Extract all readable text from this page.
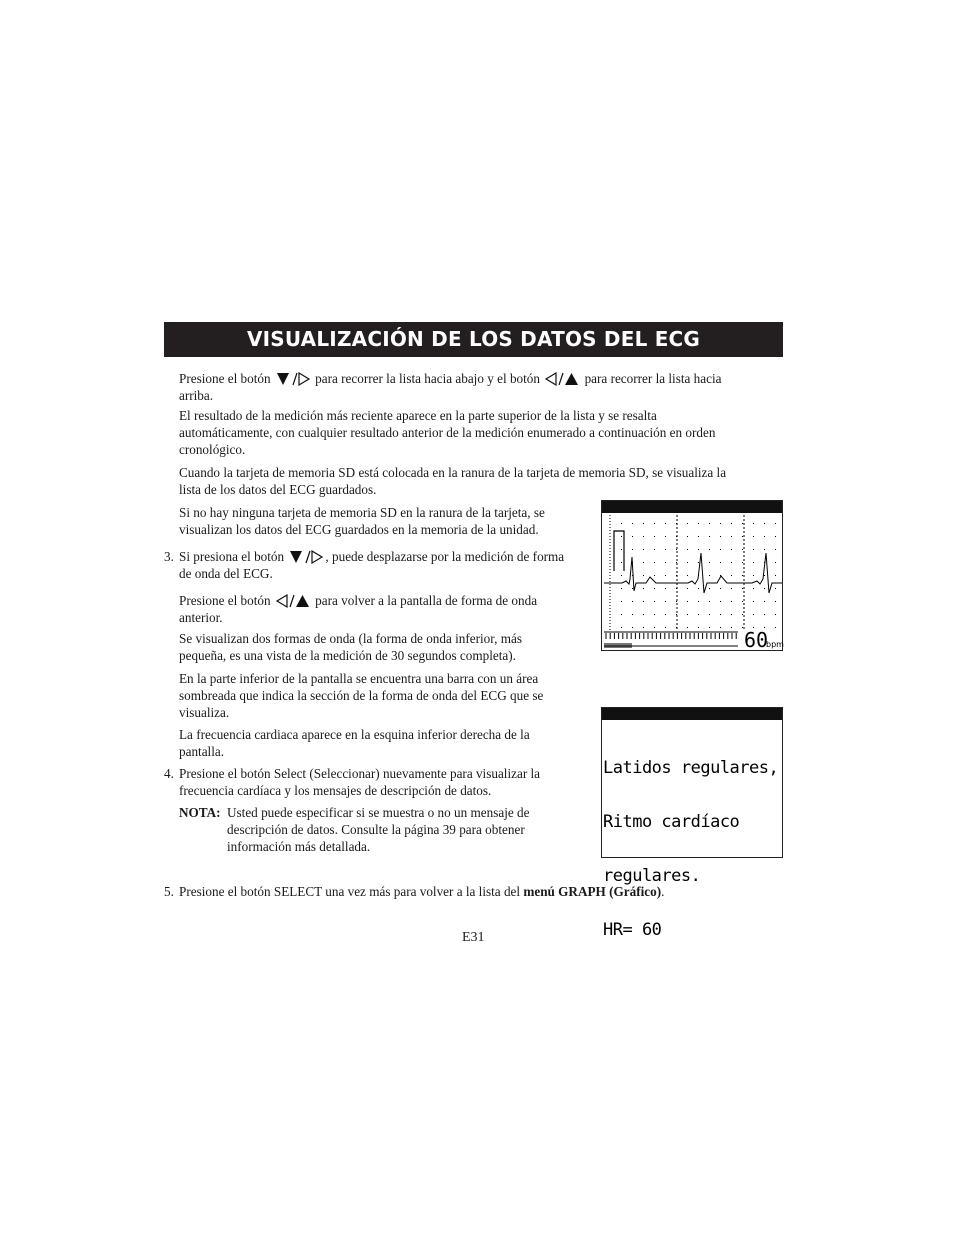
VISUALIZACIÓN DE LOS DATOS DEL ECG
Presione el botón	para recorrer la lista hacia abajo y el botón	para recorrer la lista hacia
arriba.
El resultado de la medición más reciente aparece en la parte superior de la lista y se resalta
automáticamente, con cualquier resultado anterior de la medición enumerado a continuación en orden
cronológico.
Cuando la tarjeta de memoria SD está colocada en la ranura de la tarjeta de memoria SD, se visualiza la
lista de los datos del ECG guardados.
Si no hay ninguna tarjeta de memoria SD en la ranura de la tarjeta, se
visualizan los datos del ECG guardados en la memoria de la unidad.
3. Si presiona el botón	, puede desplazarse por la medición de forma
de onda del ECG.
Presione el botón	para volver a la pantalla de forma de onda
anterior.
Se visualizan dos formas de onda (la forma de onda inferior, más
pequeña, es una vista de la medición de 30 segundos completa).
En la parte inferior de la pantalla se encuentra una barra con un área
sombreada que indica la sección de la forma de onda del ECG que se
visualiza.
La frecuencia cardiaca aparece en la esquina inferior derecha de la
pantalla.
4. Presione el botón Select (Seleccionar) nuevamente para visualizar la
frecuencia cardíaca y los mensajes de descripción de datos.
NOTA: Usted puede especificar si se muestra o no un mensaje de
descripción de datos. Consulte la página 39 para obtener
información más detallada.
5. Presione el botón SELECT una vez más para volver a la lista del menú GRAPH (Gráfico).

1/ 5/2006

3:00PM

60
bpm

1/ 5/2006

3:00PM

Latidos regulares,

Ritmo cardíaco

regulares.

HR= 60

E31
